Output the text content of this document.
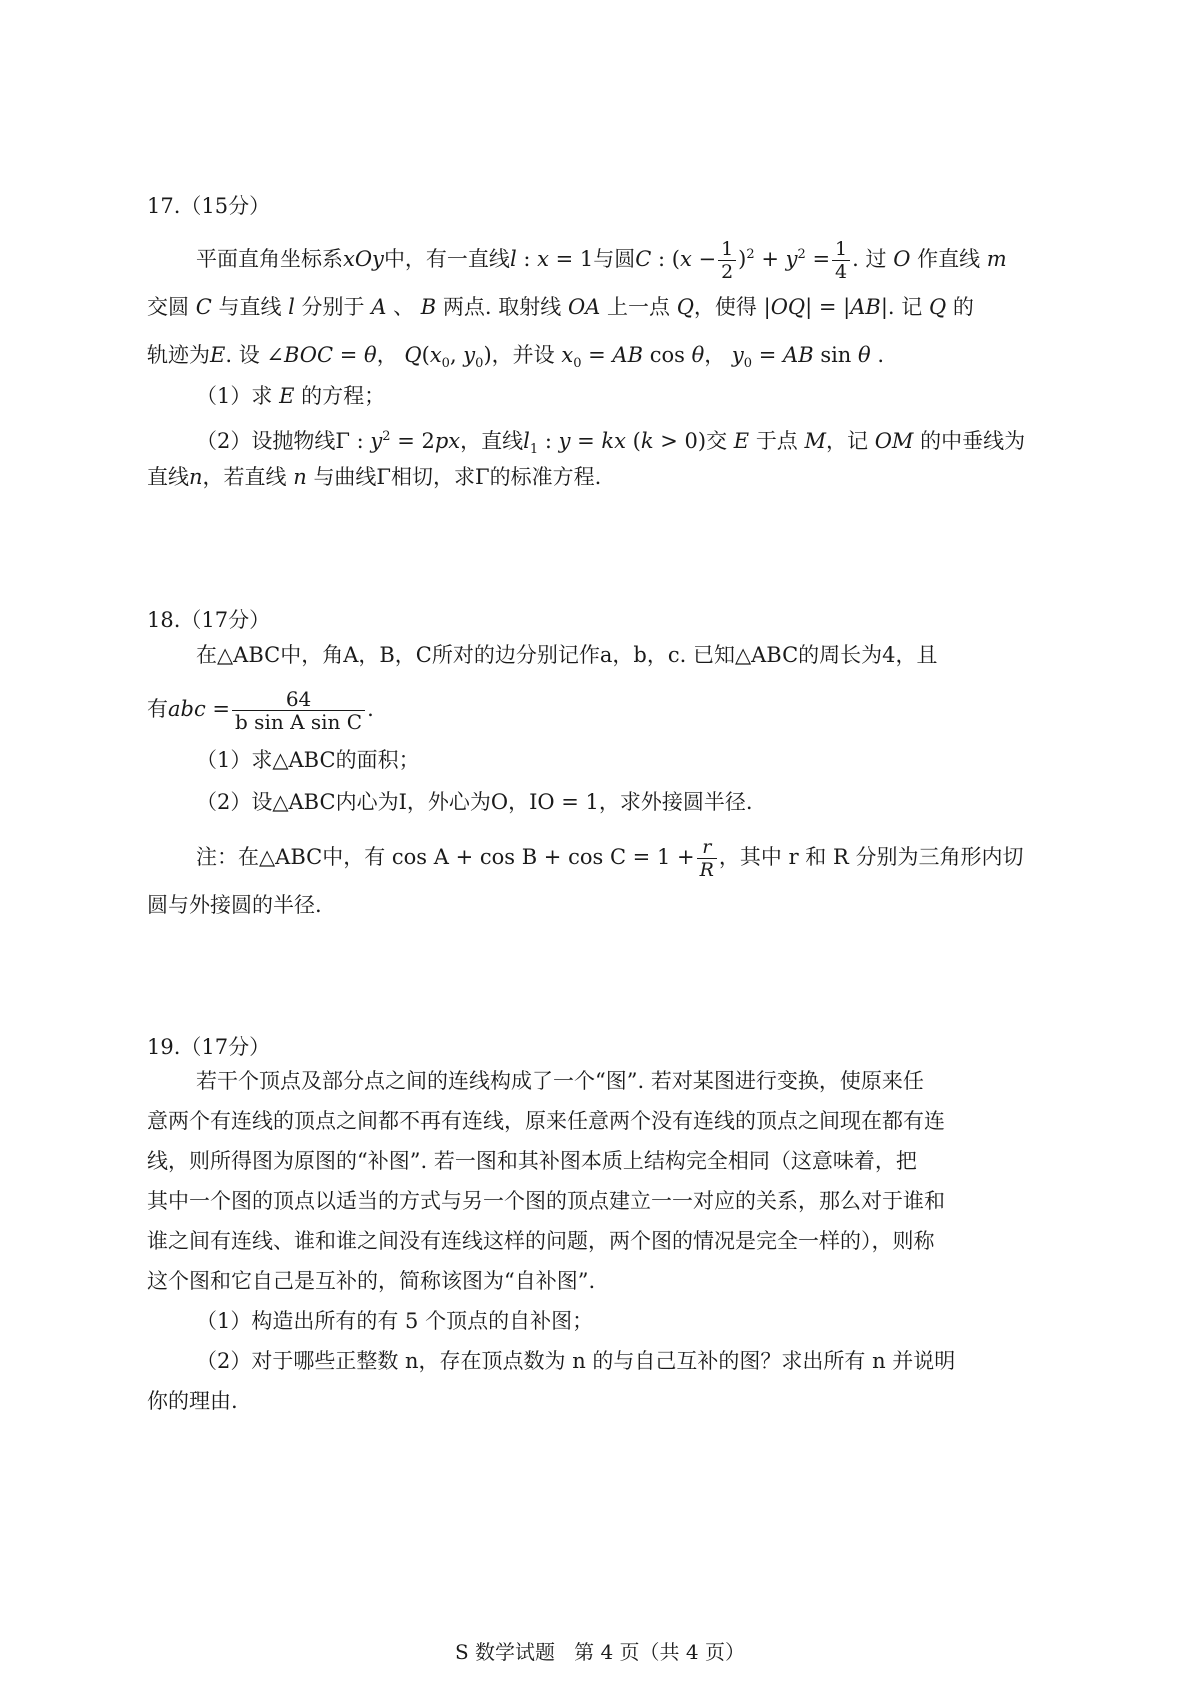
17.（15分）
平面直角坐标系xOy中，有一直线l : x = 1与圆C : $(x - \frac{1}{2} )^2 + y^2 = \frac{1}{4}$ . 过 O 作直线 m
交圆 C 与直线 l 分别于 A 、 B 两点. 取射线 OA 上一点 Q，使得 |OQ| = |AB|. 记 Q 的
轨迹为E. 设 ∠BOC = θ， $Q(x_0$, $y_0$)，并设 $x_0$ = AB cos θ， $y_0$ = AB sin θ .
（1）求 E 的方程；
（2）设抛物线Γ : $y^2 = 2px$，直线$l_1$ : y = kx (k > 0)交 E 于点 M，记 OM 的中垂线为
直线n，若直线 n 与曲线Γ相切，求Γ的标准方程.
18.（17分）
在△ABC中，角A，B，C所对的边分别记作a，b，c. 已知△ABC的周长为4，且
有abc = $\frac{64}{\text{b sin A sin C}}$ .
（1）求△ABC的面积；
（2）设△ABC内心为I，外心为O，IO = 1，求外接圆半径.
注：在△ABC中，有 $\cos A + \cos B + \cos C = 1 + \frac{r}{R}$ ，其中 r 和 R 分别为三角形内切
圆与外接圆的半径.
19.（17分）
若干个顶点及部分点之间的连线构成了一个“图”. 若对某图进行变换，使原来任
意两个有连线的顶点之间都不再有连线，原来任意两个没有连线的顶点之间现在都有连
线，则所得图为原图的“补图”. 若一图和其补图本质上结构完全相同（这意味着，把
其中一个图的顶点以适当的方式与另一个图的顶点建立一一对应的关系，那么对于谁和
谁之间有连线、谁和谁之间没有连线这样的问题，两个图的情况是完全一样的），则称
这个图和它自己是互补的，简称该图为“自补图”.
（1）构造出所有的有 5 个顶点的自补图；
（2）对于哪些正整数 n，存在顶点数为 n 的与自己互补的图？求出所有 n 并说明
你的理由.
S 数学试题   第 4 页（共 4 页）
